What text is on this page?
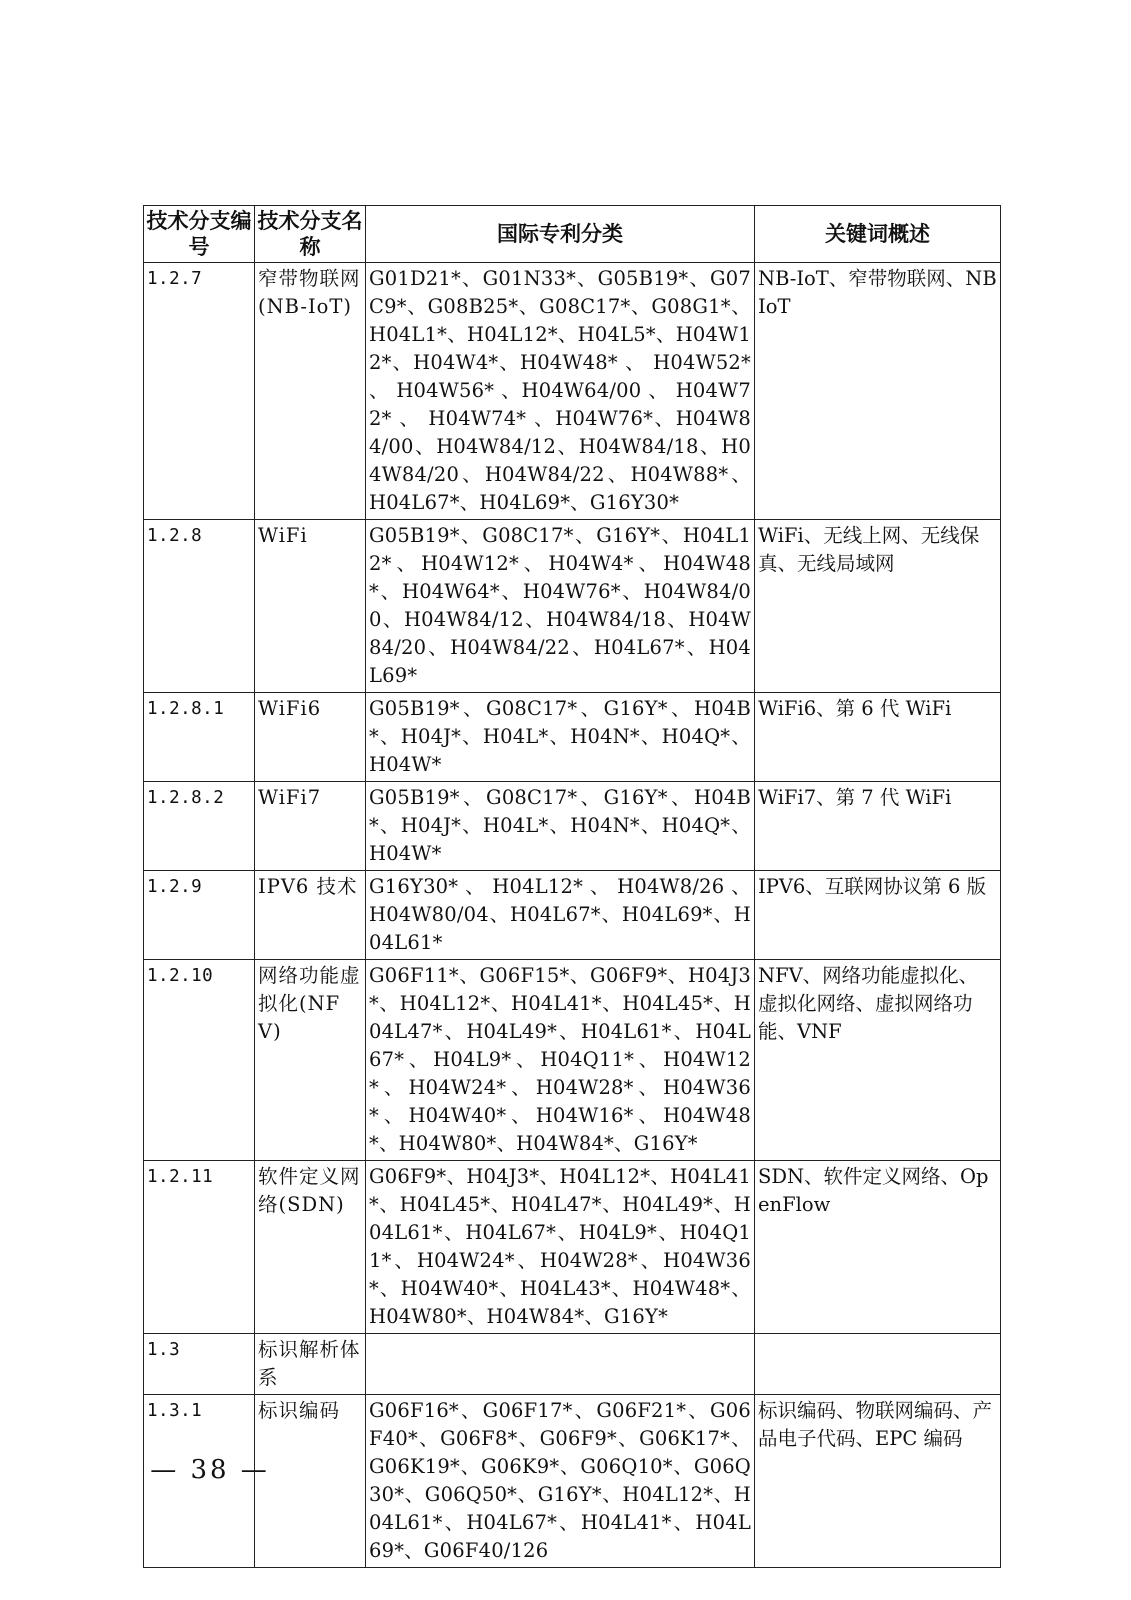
技术分支编号	技术分支名称	国际专利分类	关键词概述
1.2.7	窄带物联网(NB-IoT)	G01D21*、G01N33*、G05B19*、G07C9*、G08B25*、G08C17*、G08G1*、H04L1*、H04L12*、H04L5*、H04W12*、H04W4*、H04W48* 、 H04W52* 、 H04W56* 、H04W64/00 、 H04W72* 、 H04W74* 、H04W76*、H04W84/00、H04W84/12、H04W84/18、H04W84/20、H04W84/22、H04W88*、H04L67*、H04L69*、G16Y30*	NB-IoT、窄带物联网、NBIoT
1.2.8	WiFi	G05B19*、G08C17*、G16Y*、H04L12*、H04W12*、H04W4*、H04W48*、H04W64*、H04W76*、H04W84/00、H04W84/12、H04W84/18、H04W84/20、H04W84/22、H04L67*、H04L69*	WiFi、无线上网、无线保真、无线局域网
1.2.8.1	WiFi6	G05B19*、G08C17*、G16Y*、H04B*、H04J*、H04L*、H04N*、H04Q*、H04W*	WiFi6、第 6 代 WiFi
1.2.8.2	WiFi7	G05B19*、G08C17*、G16Y*、H04B*、H04J*、H04L*、H04N*、H04Q*、H04W*	WiFi7、第 7 代 WiFi
1.2.9	IPV6 技术	G16Y30* 、 H04L12* 、 H04W8/26 、H04W80/04、H04L67*、H04L69*、H04L61*	IPV6、互联网协议第 6 版
1.2.10	网络功能虚拟化(NFV)	G06F11*、G06F15*、G06F9*、H04J3*、H04L12*、H04L41*、H04L45*、H04L47*、H04L49*、H04L61*、H04L67*、H04L9*、H04Q11*、H04W12*、H04W24*、H04W28*、H04W36*、H04W40*、H04W16*、H04W48*、H04W80*、H04W84*、G16Y*	NFV、网络功能虚拟化、虚拟化网络、虚拟网络功能、VNF
1.2.11	软件定义网络(SDN)	G06F9*、H04J3*、H04L12*、H04L41*、H04L45*、H04L47*、H04L49*、H04L61*、H04L67*、H04L9*、H04Q11*、H04W24*、H04W28*、H04W36*、H04W40*、H04L43*、H04W48*、H04W80*、H04W84*、G16Y*	SDN、软件定义网络、OpenFlow
1.3	标识解析体系		
1.3.1	标识编码	G06F16*、G06F17*、G06F21*、G06F40*、G06F8*、G06F9*、G06K17*、G06K19*、G06K9*、G06Q10*、G06Q30*、G06Q50*、G16Y*、H04L12*、H04L61*、H04L67*、H04L41*、H04L69*、G06F40/126	标识编码、物联网编码、产品电子代码、EPC 编码
— 38 —
